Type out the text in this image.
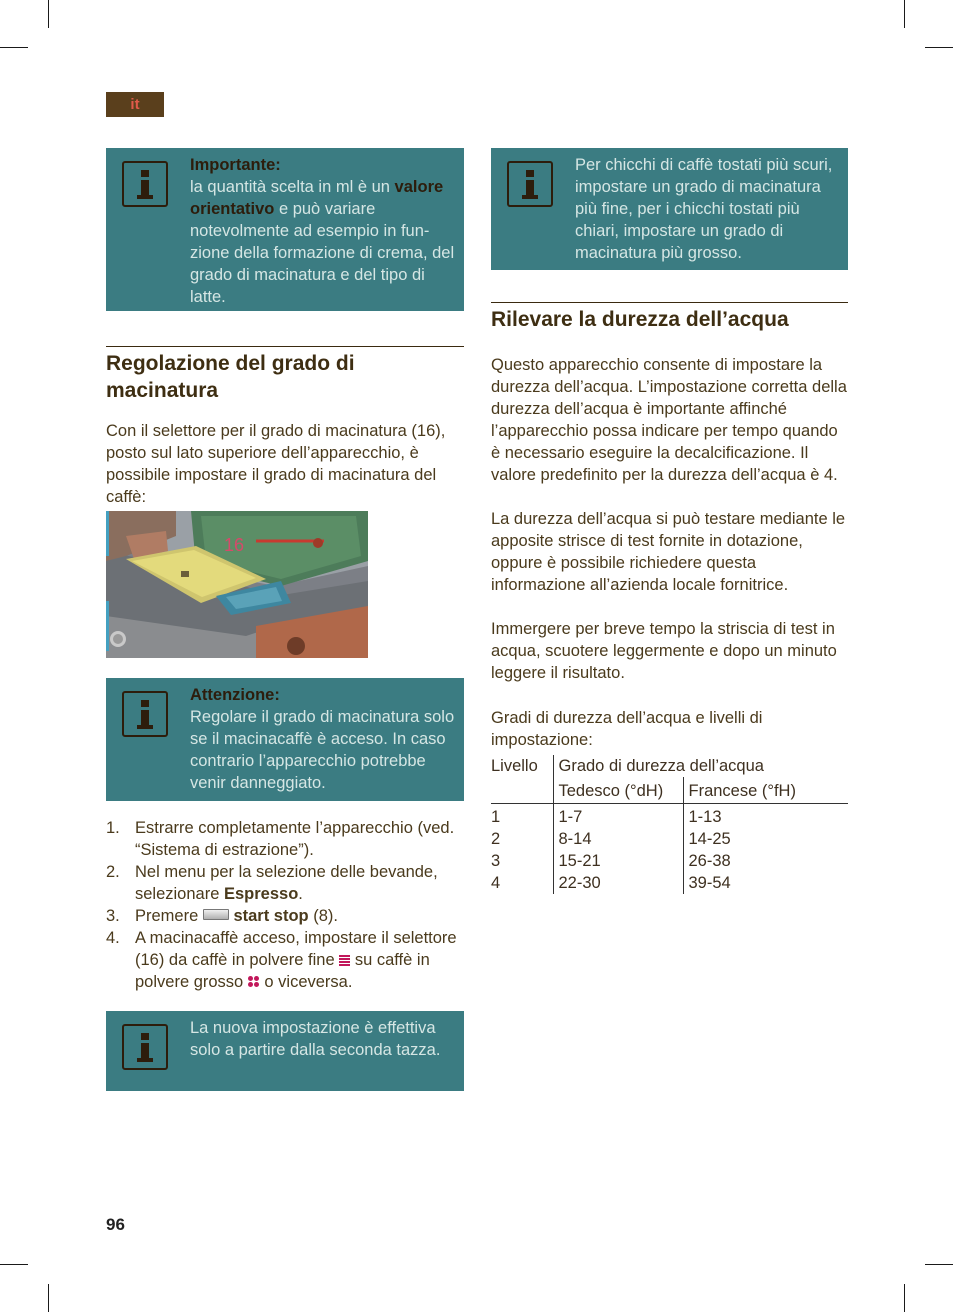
it
Importante:
la quantità scelta in ml è un valore orientativo e può variare notevolmente ad esempio in funzione della formazione di crema, del grado di macinatura e del tipo di latte.
Per chicchi di caffè tostati più scuri, impostare un grado di macinatura più fine, per i chicchi tostati più chiari, impostare un grado di macinatura più grosso.
Regolazione del grado di macinatura

Con il selettore per il grado di macinatura (16), posto sul lato superiore dell’apparecchio, è possibile impostare il grado di macinatura del caffè:

16
Attenzione:
Regolare il grado di macinatura solo se il macinacaffè è acceso. In caso contrario l’apparecchio potrebbe venir danneggiato.
1. Estrarre completamente l’apparecchio (ved. “Sistema di estrazione”).
2. Nel menu per la selezione delle bevande, selezionare Espresso.
3. Premere  start stop (8).
4. A macinacaffè acceso, impostare il selettore (16) da caffè in polvere fine  su caffè in polvere grosso
o viceversa.
La nuova impostazione è effettiva solo a partire dalla seconda tazza.
Rilevare la durezza dell’acqua

Questo apparecchio consente di impostare la durezza dell’acqua. L’impostazione corretta della durezza dell’acqua è importante affinché l’apparecchio possa indicare per tempo quando è necessario eseguire la decalcificazione. Il valore predefinito per la durezza dell’acqua è 4.

La durezza dell’acqua si può testare mediante le apposite strisce di test fornite in dotazione, oppure è possibile richiedere questa informazione all’azienda locale fornitrice.

Immergere per breve tempo la striscia di test in acqua, scuotere leggermente e dopo un minuto leggere il risultato.

Gradi di durezza dell’acqua e livelli di impostazione:

Livello	Grado di durezza dell’acqua	
	Tedesco (°dH)	Francese (°fH)
1	1-7	1-13
2	8-14	14-25
3	15-21	26-38
4	22-30	39-54
96
